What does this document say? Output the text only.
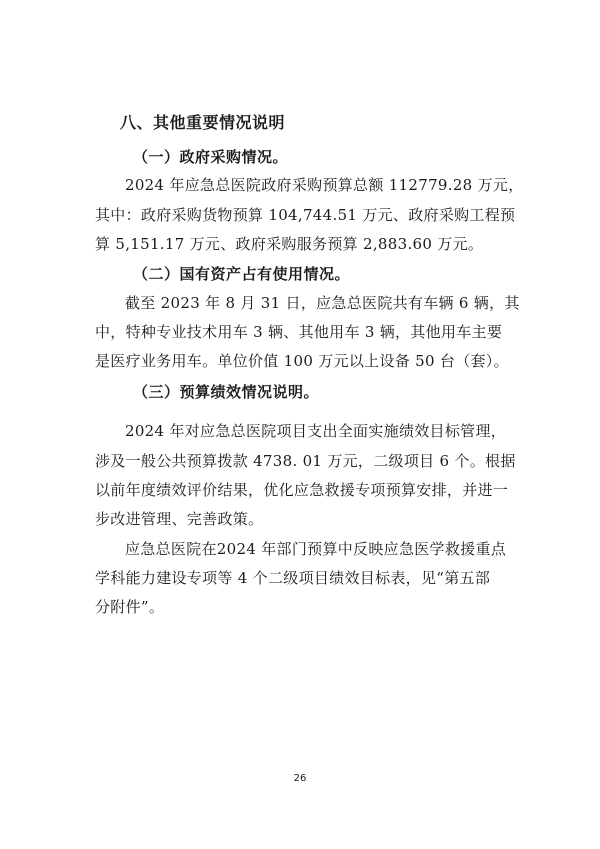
八、其他重要情况说明
（一）政府采购情况。
2024 年应急总医院政府采购预算总额 112779.28 万元，
其中：政府采购货物预算 104,744.51 万元、政府采购工程预
算 5,151.17 万元、政府采购服务预算 2,883.60 万元。
（二）国有资产占有使用情况。
截至 2023 年 8 月 31 日，应急总医院共有车辆 6 辆，其
中，特种专业技术用车 3 辆、其他用车 3 辆，其他用车主要
是医疗业务用车。单位价值 100 万元以上设备 50 台（套）。
（三）预算绩效情况说明。
2024 年对应急总医院项目支出全面实施绩效目标管理，
涉及一般公共预算拨款 4738. 01 万元，二级项目 6 个。根据
以前年度绩效评价结果，优化应急救援专项预算安排，并进一
步改进管理、完善政策。
应急总医院在2024 年部门预算中反映应急医学救援重点
学科能力建设专项等 4 个二级项目绩效目标表，见“第五部
分附件”。
26
